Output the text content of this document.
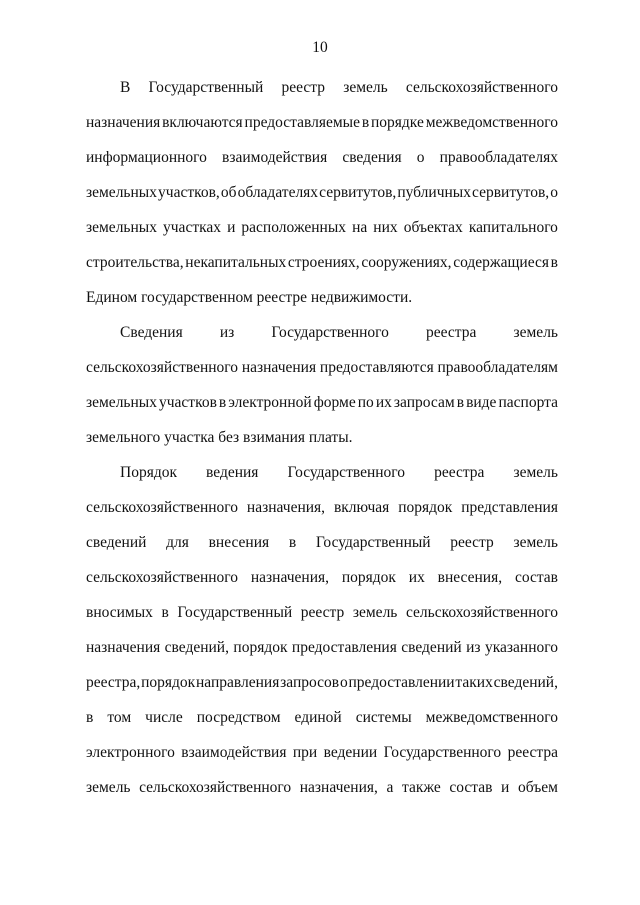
10
В Государственный реестр земель сельскохозяйственного
назначения включаются предоставляемые в порядке межведомственного
информационного взаимодействия сведения о правообладателях
земельных участков, об обладателях сервитутов, публичных сервитутов, о
земельных участках и расположенных на них объектах капитального
строительства, некапитальных строениях, сооружениях, содержащиеся в
Едином государственном реестре недвижимости.
Сведения из Государственного реестра земель
сельскохозяйственного назначения предоставляются правообладателям
земельных участков в электронной форме по их запросам в виде паспорта
земельного участка без взимания платы.
Порядок ведения Государственного реестра земель
сельскохозяйственного назначения, включая порядок представления
сведений для внесения в Государственный реестр земель
сельскохозяйственного назначения, порядок их внесения, состав
вносимых в Государственный реестр земель сельскохозяйственного
назначения сведений, порядок предоставления сведений из указанного
реестра, порядок направления запросов о предоставлении таких сведений,
в том числе посредством единой системы межведомственного
электронного взаимодействия при ведении Государственного реестра
земель сельскохозяйственного назначения, а также состав и объем
